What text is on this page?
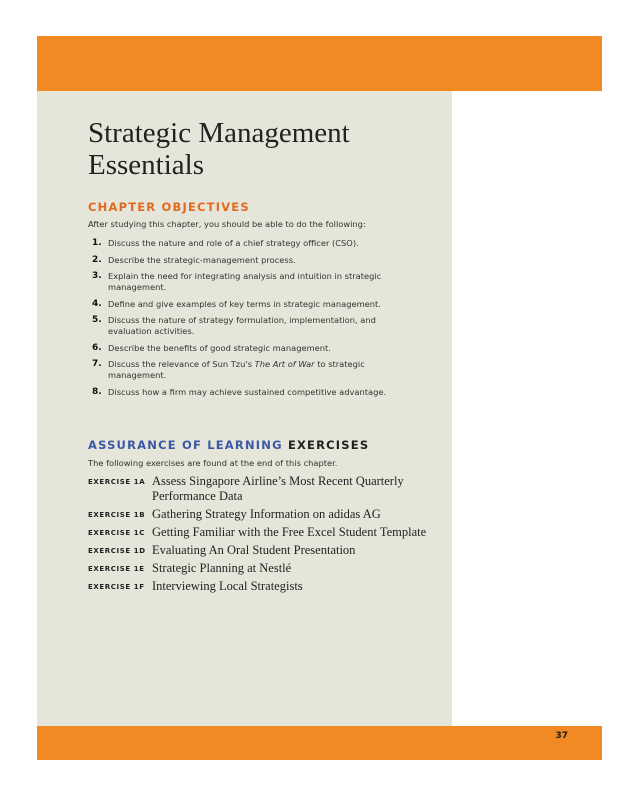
Strategic Management Essentials
CHAPTER OBJECTIVES
After studying this chapter, you should be able to do the following:
1. Discuss the nature and role of a chief strategy officer (CSO).
2. Describe the strategic-management process.
3. Explain the need for integrating analysis and intuition in strategic management.
4. Define and give examples of key terms in strategic management.
5. Discuss the nature of strategy formulation, implementation, and evaluation activities.
6. Describe the benefits of good strategic management.
7. Discuss the relevance of Sun Tzu's The Art of War to strategic management.
8. Discuss how a firm may achieve sustained competitive advantage.
ASSURANCE OF LEARNING EXERCISES
The following exercises are found at the end of this chapter.
EXERCISE 1A Assess Singapore Airline’s Most Recent Quarterly Performance Data
EXERCISE 1B Gathering Strategy Information on adidas AG
EXERCISE 1C Getting Familiar with the Free Excel Student Template
EXERCISE 1D Evaluating An Oral Student Presentation
EXERCISE 1E Strategic Planning at Nestlé
EXERCISE 1F Interviewing Local Strategists
37
